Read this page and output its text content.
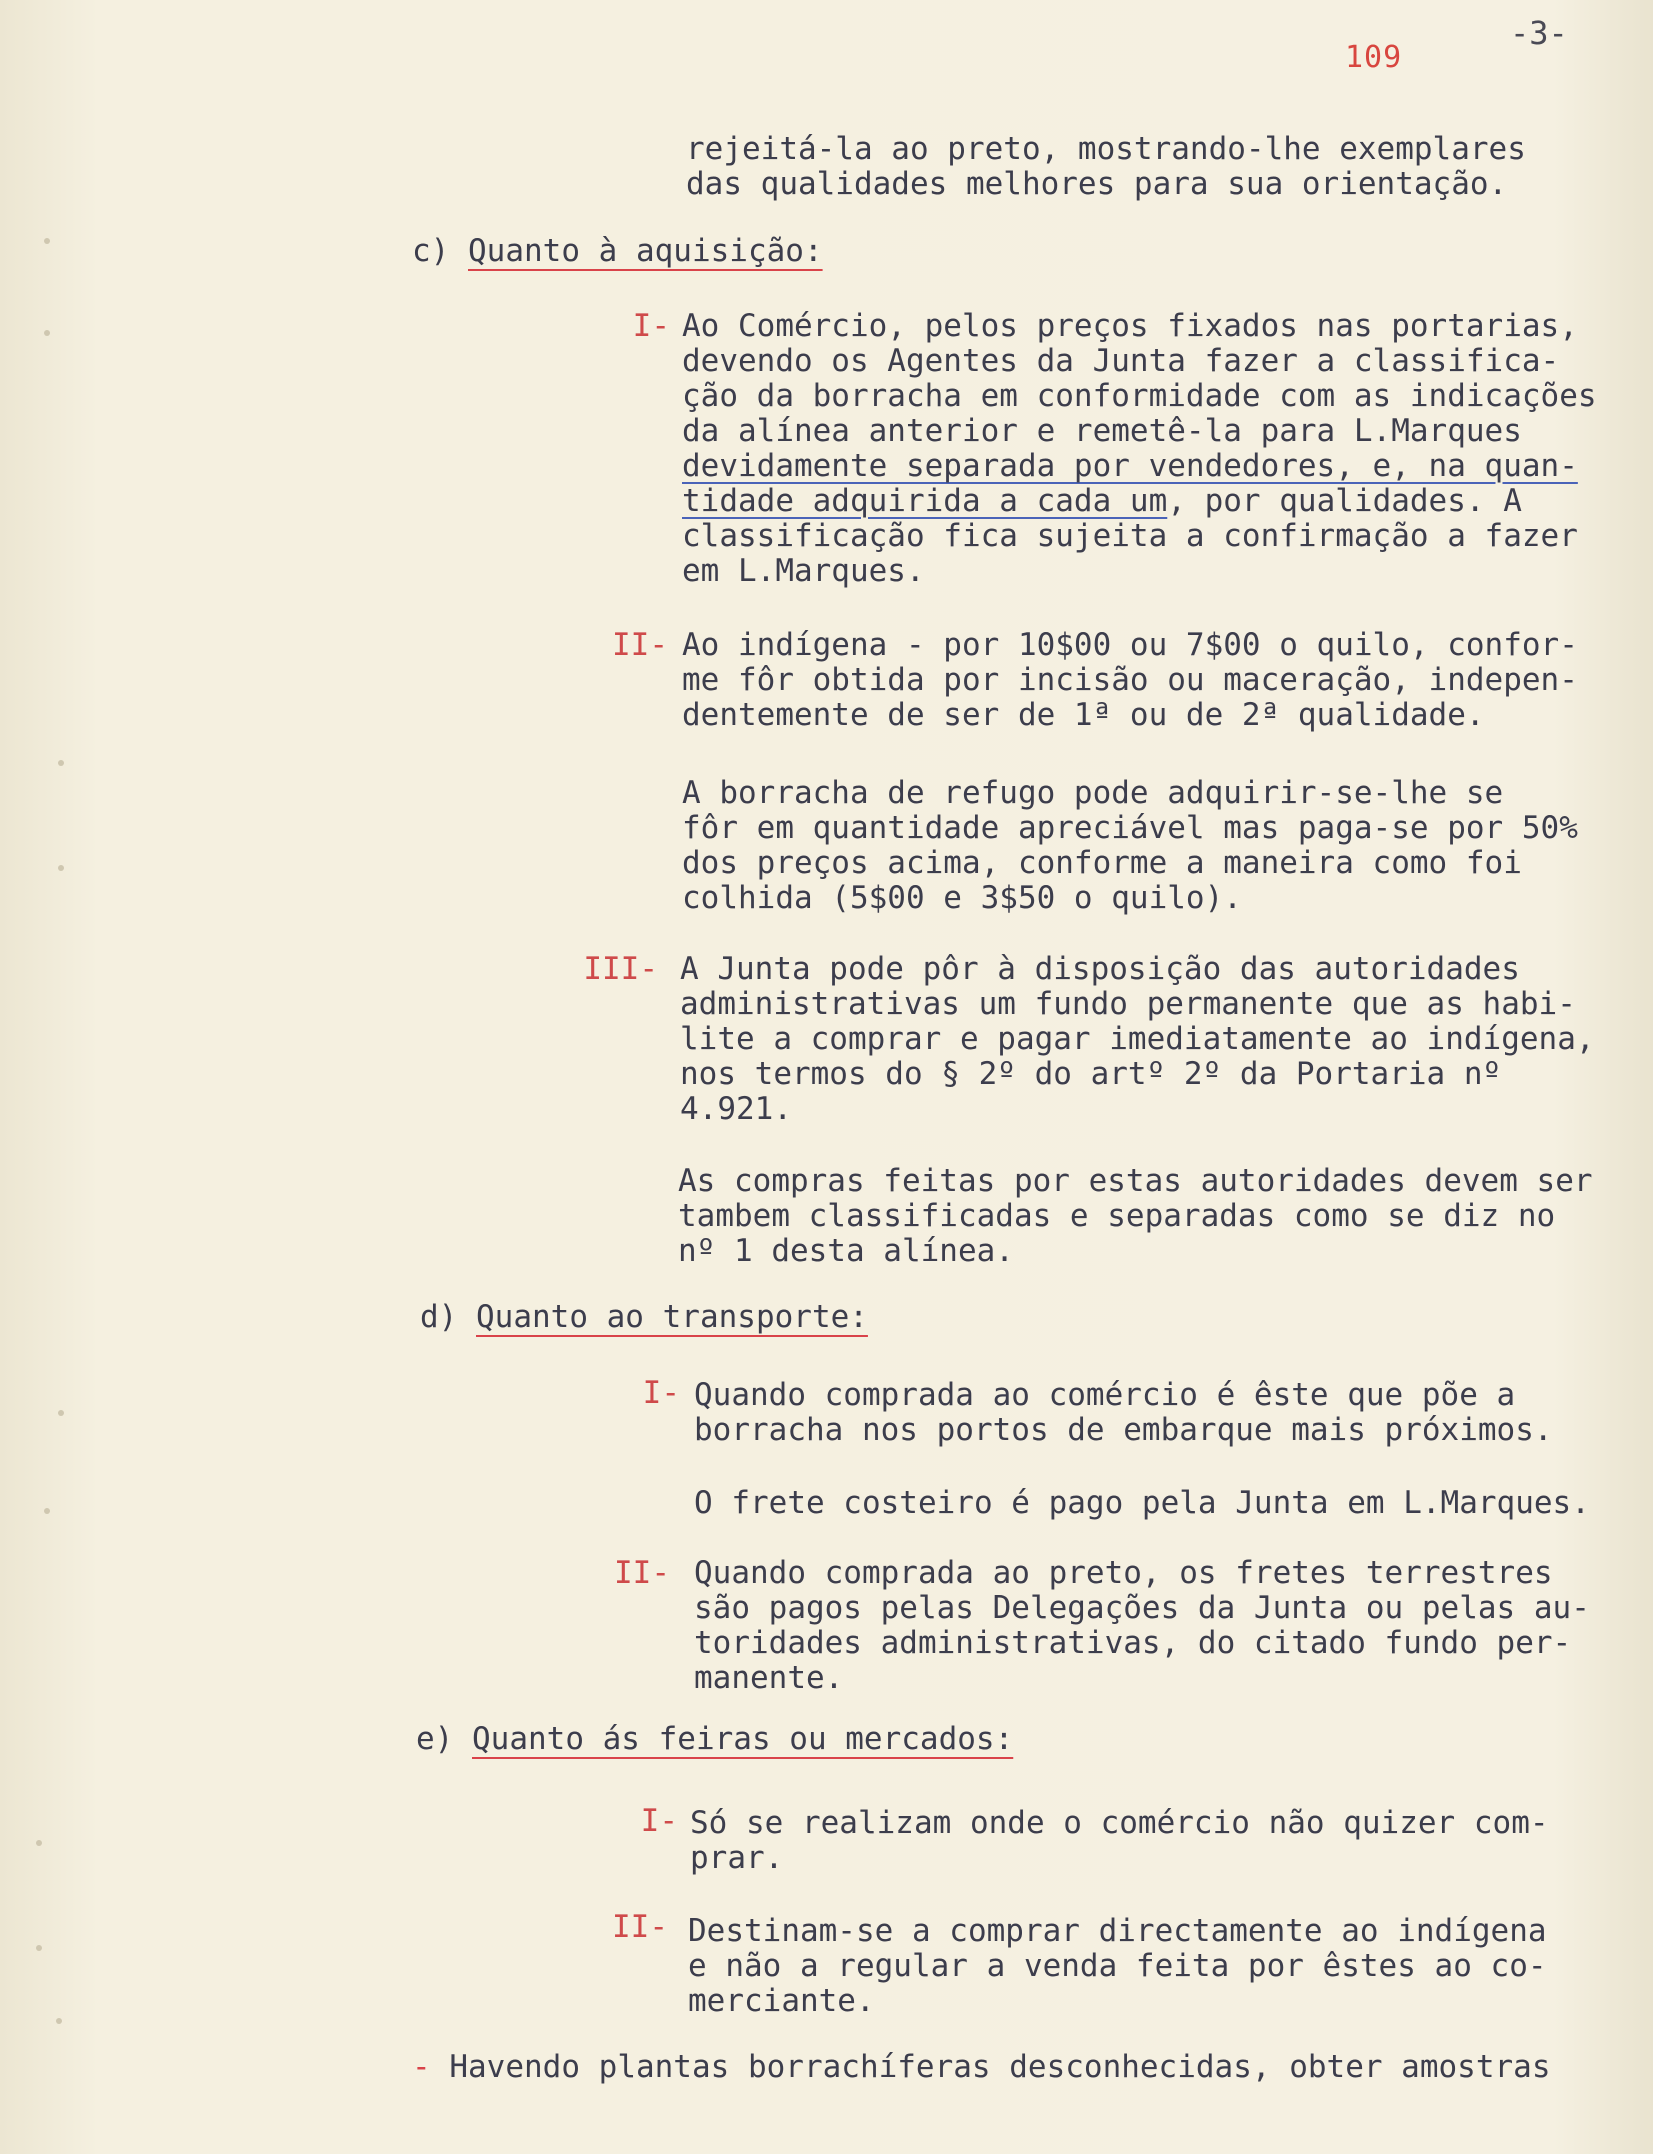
109
-3-
rejeitá-la ao preto, mostrando-lhe exemplares
das qualidades melhores para sua orientação.
c) Quanto à aquisição:
I- Ao Comércio, pelos preços fixados nas portarias,
devendo os Agentes da Junta fazer a classifica-
ção da borracha em conformidade com as indicações
da alínea anterior e remetê-la para L.Marques
devidamente separada por vendedores, e, na quan-
tidade adquirida a cada um, por qualidades. A
classificação fica sujeita a confirmação a fazer
em L.Marques.
II- Ao indígena - por 10$00 ou 7$00 o quilo, confor-
me fôr obtida por incisão ou maceração, indepen-
dentemente de ser de 1ª ou de 2ª qualidade.
A borracha de refugo pode adquirir-se-lhe se
fôr em quantidade apreciável mas paga-se por 50%
dos preços acima, conforme a maneira como foi
colhida (5$00 e 3$50 o quilo).
III- A Junta pode pôr à disposição das autoridades
administrativas um fundo permanente que as habi-
lite a comprar e pagar imediatamente ao indígena,
nos termos do § 2º do artº 2º da Portaria nº
4.921.
As compras feitas por estas autoridades devem ser
tambem classificadas e separadas como se diz no
nº 1 desta alínea.
d) Quanto ao transporte:
I- Quando comprada ao comércio é êste que põe a
borracha nos portos de embarque mais próximos.
O frete costeiro é pago pela Junta em L.Marques.
II- Quando comprada ao preto, os fretes terrestres
são pagos pelas Delegações da Junta ou pelas au-
toridades administrativas, do citado fundo per-
manente.
e) Quanto ás feiras ou mercados:
I- Só se realizam onde o comércio não quizer com-
prar.
II- Destinam-se a comprar directamente ao indígena
e não a regular a venda feita por êstes ao co-
merciante.
- Havendo plantas borrachíferas desconhecidas, obter amostras
